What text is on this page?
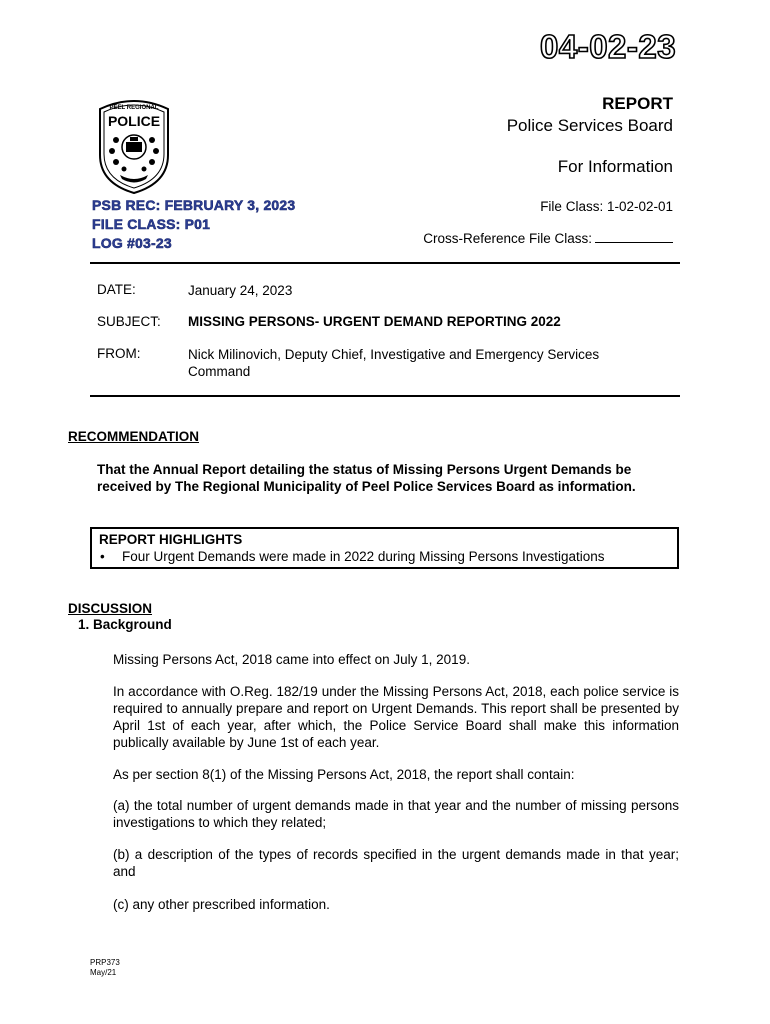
04-02-23
PEEL REGIONAL
POLICE
REPORT
Police Services Board
For Information
PSB REC: FEBRUARY 3, 2023
FILE CLASS: P01
LOG #03-23
File Class: 1-02-02-01
Cross-Reference File Class:
DATE:	January 24, 2023
SUBJECT: MISSING PERSONS- URGENT DEMAND REPORTING 2022
FROM:	Nick Milinovich, Deputy Chief, Investigative and Emergency Services Command
RECOMMENDATION
That the Annual Report detailing the status of Missing Persons Urgent Demands be received by The Regional Municipality of Peel Police Services Board as information.
REPORT HIGHLIGHTS
• Four Urgent Demands were made in 2022 during Missing Persons Investigations
DISCUSSION
1. Background
Missing Persons Act, 2018 came into effect on July 1, 2019.
In accordance with O.Reg. 182/19 under the Missing Persons Act, 2018, each police service is required to annually prepare and report on Urgent Demands. This report shall be presented by April 1st of each year, after which, the Police Service Board shall make this information publically available by June 1st of each year.
As per section 8(1) of the Missing Persons Act, 2018, the report shall contain:
(a) the total number of urgent demands made in that year and the number of missing persons investigations to which they related;
(b) a description of the types of records specified in the urgent demands made in that year; and
(c) any other prescribed information.
PRP373
May/21
